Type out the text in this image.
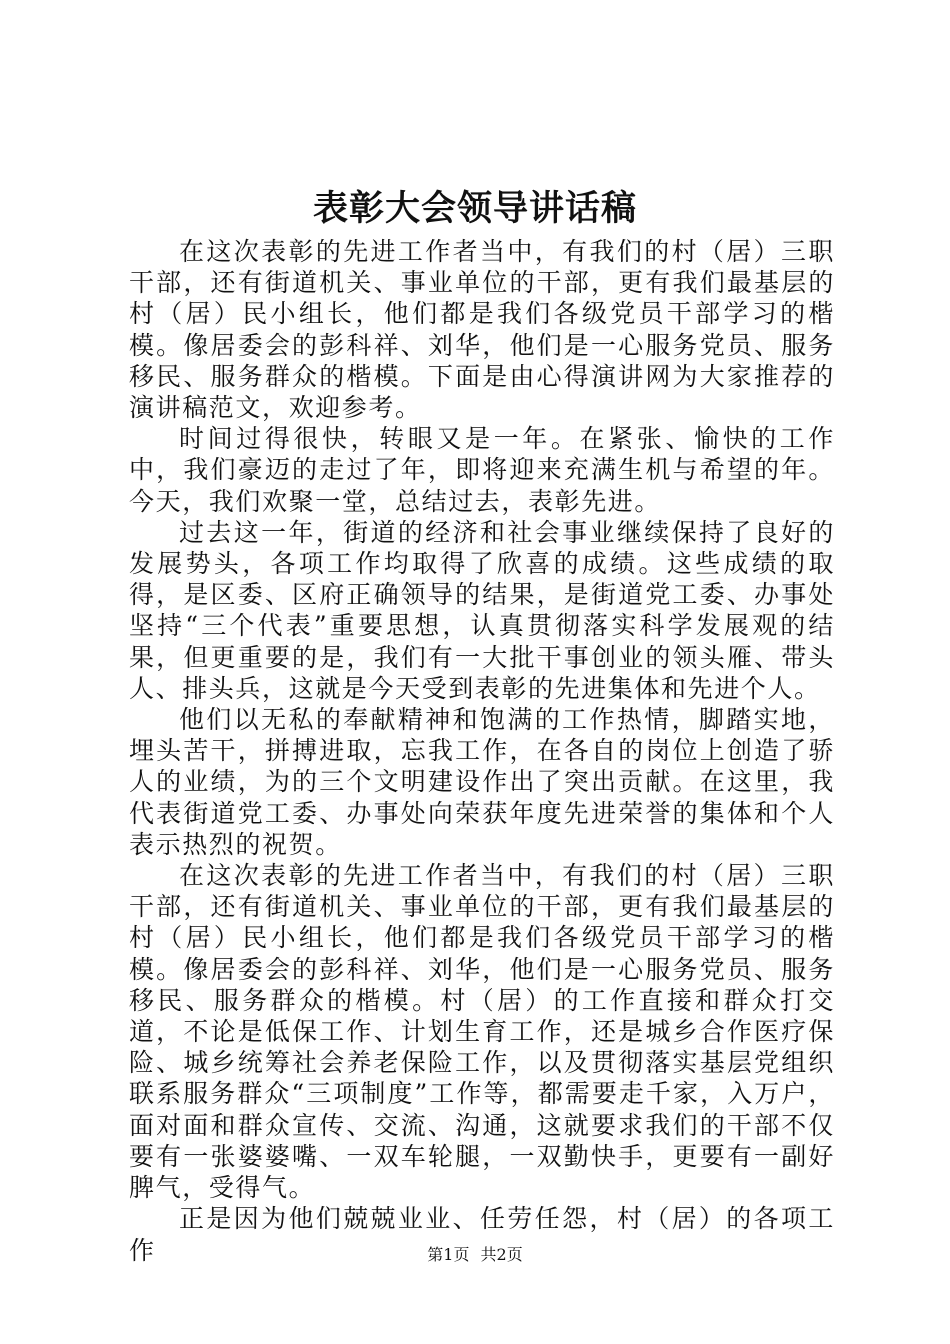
表彰大会领导讲话稿

在这次表彰的先进工作者当中，有我们的村（居）三职干部，还有街道机关、事业单位的干部，更有我们最基层的村（居）民小组长，他们都是我们各级党员干部学习的楷模。像居委会的彭科祥、刘华，他们是一心服务党员、服务移民、服务群众的楷模。下面是由心得演讲网为大家推荐的演讲稿范文，欢迎参考。

时间过得很快，转眼又是一年。在紧张、愉快的工作中，我们豪迈的走过了年，即将迎来充满生机与希望的年。今天，我们欢聚一堂，总结过去，表彰先进。

过去这一年，街道的经济和社会事业继续保持了良好的发展势头，各项工作均取得了欣喜的成绩。这些成绩的取得，是区委、区府正确领导的结果，是街道党工委、办事处坚持“三个代表”重要思想，认真贯彻落实科学发展观的结果，但更重要的是，我们有一大批干事创业的领头雁、带头人、排头兵，这就是今天受到表彰的先进集体和先进个人。

他们以无私的奉献精神和饱满的工作热情，脚踏实地，埋头苦干，拼搏进取，忘我工作，在各自的岗位上创造了骄人的业绩，为的三个文明建设作出了突出贡献。在这里，我代表街道党工委、办事处向荣获年度先进荣誉的集体和个人表示热烈的祝贺。

在这次表彰的先进工作者当中，有我们的村（居）三职干部，还有街道机关、事业单位的干部，更有我们最基层的村（居）民小组长，他们都是我们各级党员干部学习的楷模。像居委会的彭科祥、刘华，他们是一心服务党员、服务移民、服务群众的楷模。村（居）的工作直接和群众打交道，不论是低保工作、计划生育工作，还是城乡合作医疗保险、城乡统筹社会养老保险工作，以及贯彻落实基层党组织联系服务群众“三项制度”工作等，都需要走千家，入万户，面对面和群众宣传、交流、沟通，这就要求我们的干部不仅要有一张婆婆嘴、一双车轮腿，一双勤快手，更要有一副好脾气，受得气。

正是因为他们兢兢业业、任劳任怨，村（居）的各项工作	第1页 共2页
